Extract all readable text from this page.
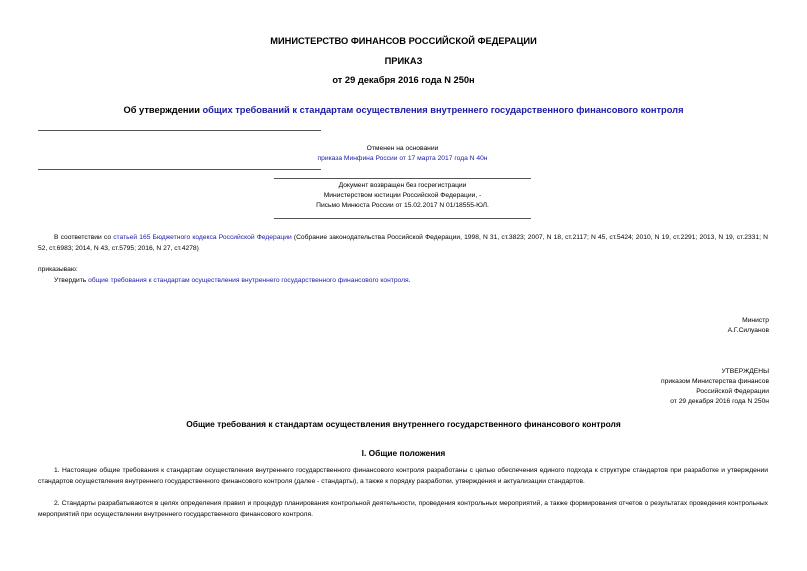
МИНИСТЕРСТВО ФИНАНСОВ РОССИЙСКОЙ ФЕДЕРАЦИИ
ПРИКАЗ
от 29 декабря 2016 года N 250н
Об утверждении общих требований к стандартам осуществления внутреннего государственного финансового контроля
Отменен на основании
приказа Минфина России от 17 марта 2017 года N 40н
Документ возвращен без госрегистрации
Министерством юстиции Российской Федерации, -
Письмо Минюста России от 15.02.2017 N 01/18555-ЮЛ.
В соответствии со статьей 165 Бюджетного кодекса Российской Федерации (Собрание законодательства Российской Федерации, 1998, N 31, ст.3823; 2007, N 18, ст.2117; N 45, ст.5424; 2010, N 19, ст.2291; 2013, N 19, ст.2331; N 52, ст.6983; 2014, N 43, ст.5795; 2016, N 27, ст.4278)
приказываю:
Утвердить общие требования к стандартам осуществления внутреннего государственного финансового контроля.
Министр
А.Г.Силуанов
УТВЕРЖДЕНЫ
приказом Министерства финансов
Российской Федерации
от 29 декабря 2016 года N 250н
Общие требования к стандартам осуществления внутреннего государственного финансового контроля
I. Общие положения
1. Настоящие общие требования к стандартам осуществления внутреннего государственного финансового контроля разработаны с целью обеспечения единого подхода к структуре стандартов при разработке и утверждении стандартов осуществления внутреннего государственного финансового контроля (далее - стандарты), а также к порядку разработки, утверждения и актуализации стандартов.
2. Стандарты разрабатываются в целях определения правил и процедур планирования контрольной деятельности, проведения контрольных мероприятий, а также формирования отчетов о результатах проведения контрольных мероприятий при осуществлении внутреннего государственного финансового контроля.
